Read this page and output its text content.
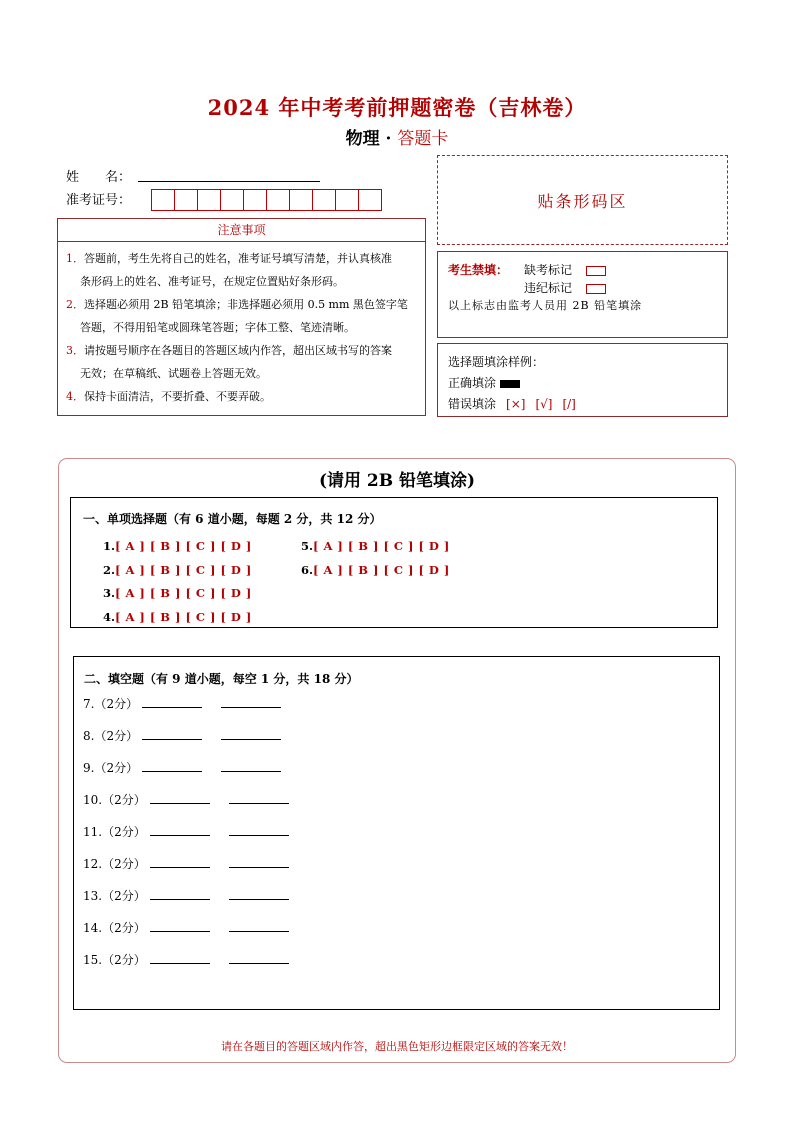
2024 年中考考前押题密卷（吉林卷）
物理 · 答题卡
姓　　名：
准考证号：	贴条形码区
注意事项

1．答题前，考生先将自己的姓名，准考证号填写清楚，并认真核准

条形码上的姓名、准考证号，在规定位置贴好条形码。

2．选择题必须用 2B 铅笔填涂；非选择题必须用 0.5 mm 黑色签字笔

答题，不得用铅笔或圆珠笔答题；字体工整、笔迹清晰。

3．请按题号顺序在各题目的答题区域内作答，超出区域书写的答案

无效；在草稿纸、试题卷上答题无效。

4．保持卡面清洁，不要折叠、不要弄破。

考生禁填： 缺考标记
违纪标记
以上标志由监考人员用 2B 铅笔填涂
选择题填涂样例：
正确填涂
错误填涂 [×] [√] [/]
(请用 2B 铅笔填涂)
一、单项选择题（有 6 道小题，每题 2 分，共 12 分）
1.[ A ] [ B ] [ C ] [ D ]
2.[ A ] [ B ] [ C ] [ D ]
3.[ A ] [ B ] [ C ] [ D ]
4.[ A ] [ B ] [ C ] [ D ]
5.[ A ] [ B ] [ C ] [ D ]
6.[ A ] [ B ] [ C ] [ D ]
二、填空题（有 9 道小题，每空 1 分，共 18 分）
7.（2分）
8.（2分）
9.（2分）
10.（2分）
11.（2分）
12.（2分）
13.（2分）
14.（2分）
15.（2分）
请在各题目的答题区域内作答，超出黑色矩形边框限定区域的答案无效！
